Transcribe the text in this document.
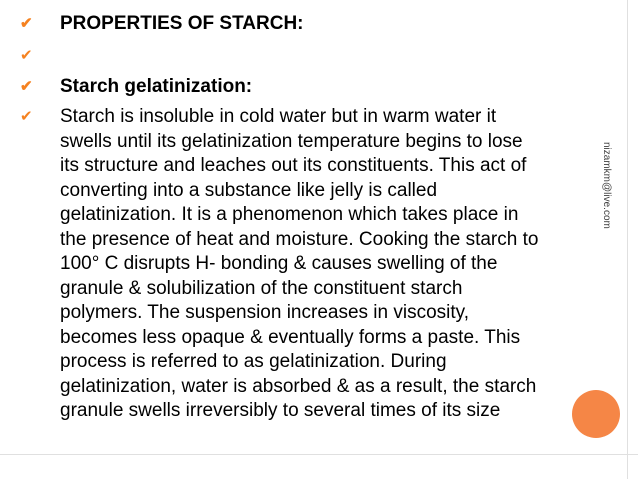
✔ PROPERTIES OF STARCH:
✔
✔ Starch gelatinization:
✔ Starch is insoluble in cold water but in warm water it
swells until its gelatinization temperature begins to lose
its structure and leaches out its constituents. This act of
converting into a substance like jelly is called
gelatinization. It is a phenomenon which takes place in
the presence of heat and moisture. Cooking the starch to
100° C disrupts H- bonding & causes swelling of the
granule & solubilization of the constituent starch
polymers. The suspension increases in viscosity,
becomes less opaque & eventually forms a paste. This
process is referred to as gelatinization. During
gelatinization, water is absorbed & as a result, the starch
granule swells irreversibly to several times of its size
nizamkm@live.com
